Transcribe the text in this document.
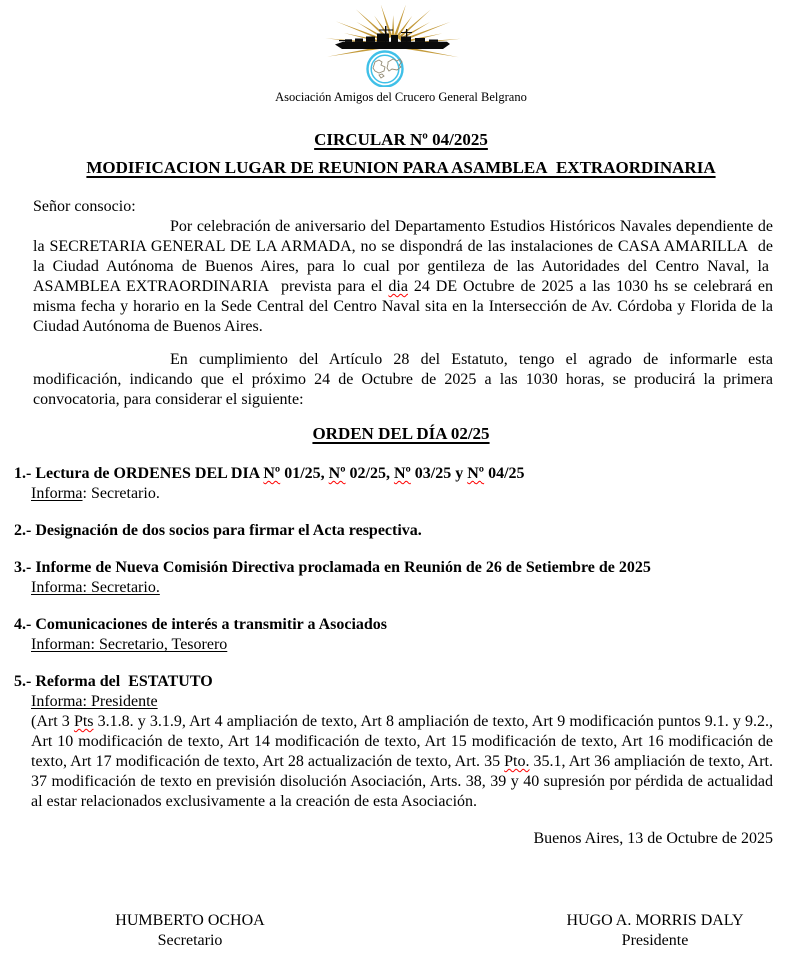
Asociación Amigos del Crucero General Belgrano
CIRCULAR Nº 04/2025
MODIFICACION LUGAR DE REUNION PARA ASAMBLEA  EXTRAORDINARIA
Señor consocio:
Por celebración de aniversario del Departamento Estudios Históricos Navales dependiente de la SECRETARIA GENERAL DE LA ARMADA, no se dispondrá de las instalaciones de CASA AMARILLA  de la Ciudad Autónoma de Buenos Aires, para lo cual por gentileza de las Autoridades del Centro Naval, la  ASAMBLEA EXTRAORDINARIA  prevista para el dia 24 DE Octubre de 2025 a las 1030 hs se celebrará en misma fecha y horario en la Sede Central del Centro Naval sita en la Intersección de Av. Córdoba y Florida de la Ciudad Autónoma de Buenos Aires.
En cumplimiento del Artículo 28 del Estatuto, tengo el agrado de informarle esta modificación, indicando que el próximo 24 de Octubre de 2025 a las 1030 horas, se producirá la primera convocatoria, para considerar el siguiente:
ORDEN DEL DÍA 02/25
1.- Lectura de ORDENES DEL DIA Nº 01/25, Nº 02/25, Nº 03/25 y Nº 04/25
Informa: Secretario.
2.- Designación de dos socios para firmar el Acta respectiva.
3.- Informe de Nueva Comisión Directiva proclamada en Reunión de 26 de Setiembre de 2025
Informa: Secretario.
4.- Comunicaciones de interés a transmitir a Asociados
Informan: Secretario, Tesorero
5.- Reforma del  ESTATUTO
Informa: Presidente
(Art 3 Pts 3.1.8. y 3.1.9, Art 4 ampliación de texto, Art 8 ampliación de texto, Art 9 modificación puntos 9.1. y 9.2., Art 10 modificación de texto, Art 14 modificación de texto, Art 15 modificación de texto, Art 16 modificación de texto, Art 17 modificación de texto, Art 28 actualización de texto, Art. 35 Pto. 35.1, Art 36 ampliación de texto, Art. 37 modificación de texto en previsión disolución Asociación, Arts. 38, 39 y 40 supresión por pérdida de actualidad al estar relacionados exclusivamente a la creación de esta Asociación.
Buenos Aires, 13 de Octubre de 2025
HUMBERTO OCHOA
Secretario
HUGO A. MORRIS DALY
Presidente
